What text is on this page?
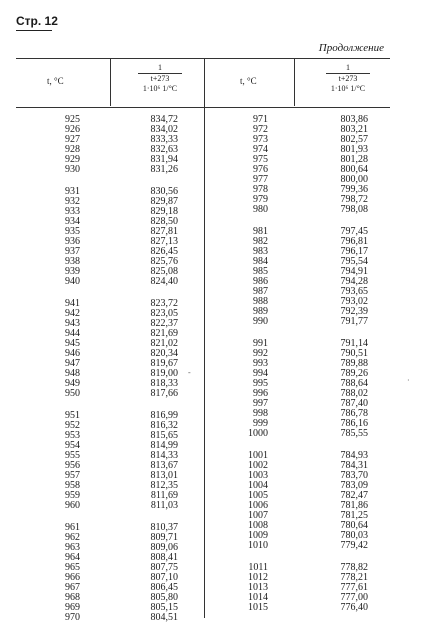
Стр. 12
Продолжение
t, °C
1
t+273
1·10⁶ 1/°C
t, °C
1
t+273
1·10⁶ 1/°C
925
926
927
928
929
930
931
932
933
934
935
936
937
938
939
940
941
942
943
944
945
946
947
948
949
950
951
952
953
954
955
956
957
958
959
960
961
962
963
964
965
966
967
968
969
970
834,72
834,02
833,33
832,63
831,94
831,26
830,56
829,87
829,18
828,50
827,81
827,13
826,45
825,76
825,08
824,40
823,72
823,05
822,37
821,69
821,02
820,34
819,67
819,00
818,33
817,66
816,99
816,32
815,65
814,99
814,33
813,67
813,01
812,35
811,69
811,03
810,37
809,71
809,06
808,41
807,75
807,10
806,45
805,80
805,15
804,51
971
972
973
974
975
976
977
978
979
980
981
982
983
984
985
986
987
988
989
990
991
992
993
994
995
996
997
998
999
1000
1001
1002
1003
1004
1005
1006
1007
1008
1009
1010
1011
1012
1013
1014
1015
803,86
803,21
802,57
801,93
801,28
800,64
800,00
799,36
798,72
798,08
797,45
796,81
796,17
795,54
794,91
794,28
793,65
793,02
792,39
791,77
791,14
790,51
789,88
789,26
788,64
788,02
787,40
786,78
786,16
785,55
784,93
784,31
783,70
783,09
782,47
781,86
781,25
780,64
780,03
779,42
778,82
778,21
777,61
777,00
776,40
-
·
